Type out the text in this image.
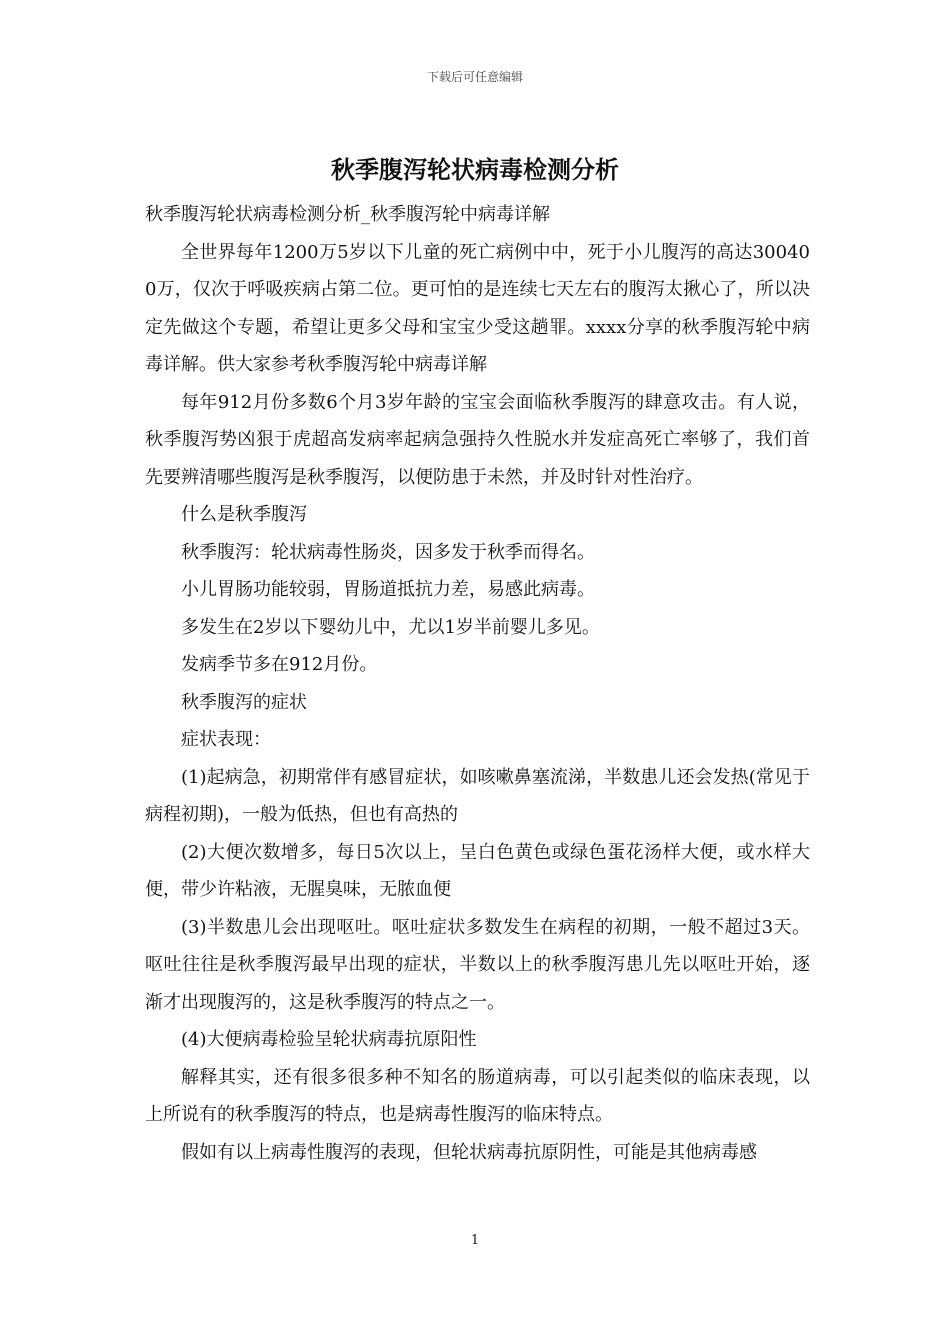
下载后可任意编辑
秋季腹泻轮状病毒检测分析

秋季腹泻轮状病毒检测分析_秋季腹泻轮中病毒详解

全世界每年1200万5岁以下儿童的死亡病例中中，死于小儿腹泻的高达300400万，仅次于呼吸疾病占第二位。更可怕的是连续七天左右的腹泻太揪心了，所以决定先做这个专题，希望让更多父母和宝宝少受这趟罪。xxxx分享的秋季腹泻轮中病毒详解。供大家参考秋季腹泻轮中病毒详解

每年912月份多数6个月3岁年龄的宝宝会面临秋季腹泻的肆意攻击。有人说，秋季腹泻势凶狠于虎超高发病率起病急强持久性脱水并发症高死亡率够了，我们首先要辨清哪些腹泻是秋季腹泻，以便防患于未然，并及时针对性治疗。

什么是秋季腹泻

秋季腹泻：轮状病毒性肠炎，因多发于秋季而得名。

小儿胃肠功能较弱，胃肠道抵抗力差，易感此病毒。

多发生在2岁以下婴幼儿中，尤以1岁半前婴儿多见。

发病季节多在912月份。

秋季腹泻的症状

症状表现：

(1)起病急，初期常伴有感冒症状，如咳嗽鼻塞流涕，半数患儿还会发热(常见于病程初期)，一般为低热，但也有高热的

(2)大便次数增多，每日5次以上，呈白色黄色或绿色蛋花汤样大便，或水样大便，带少许粘液，无腥臭味，无脓血便

(3)半数患儿会出现呕吐。呕吐症状多数发生在病程的初期，一般不超过3天。呕吐往往是秋季腹泻最早出现的症状，半数以上的秋季腹泻患儿先以呕吐开始，逐渐才出现腹泻的，这是秋季腹泻的特点之一。

(4)大便病毒检验呈轮状病毒抗原阳性

解释其实，还有很多很多种不知名的肠道病毒，可以引起类似的临床表现，以上所说有的秋季腹泻的特点，也是病毒性腹泻的临床特点。

假如有以上病毒性腹泻的表现，但轮状病毒抗原阴性，可能是其他病毒感

1
